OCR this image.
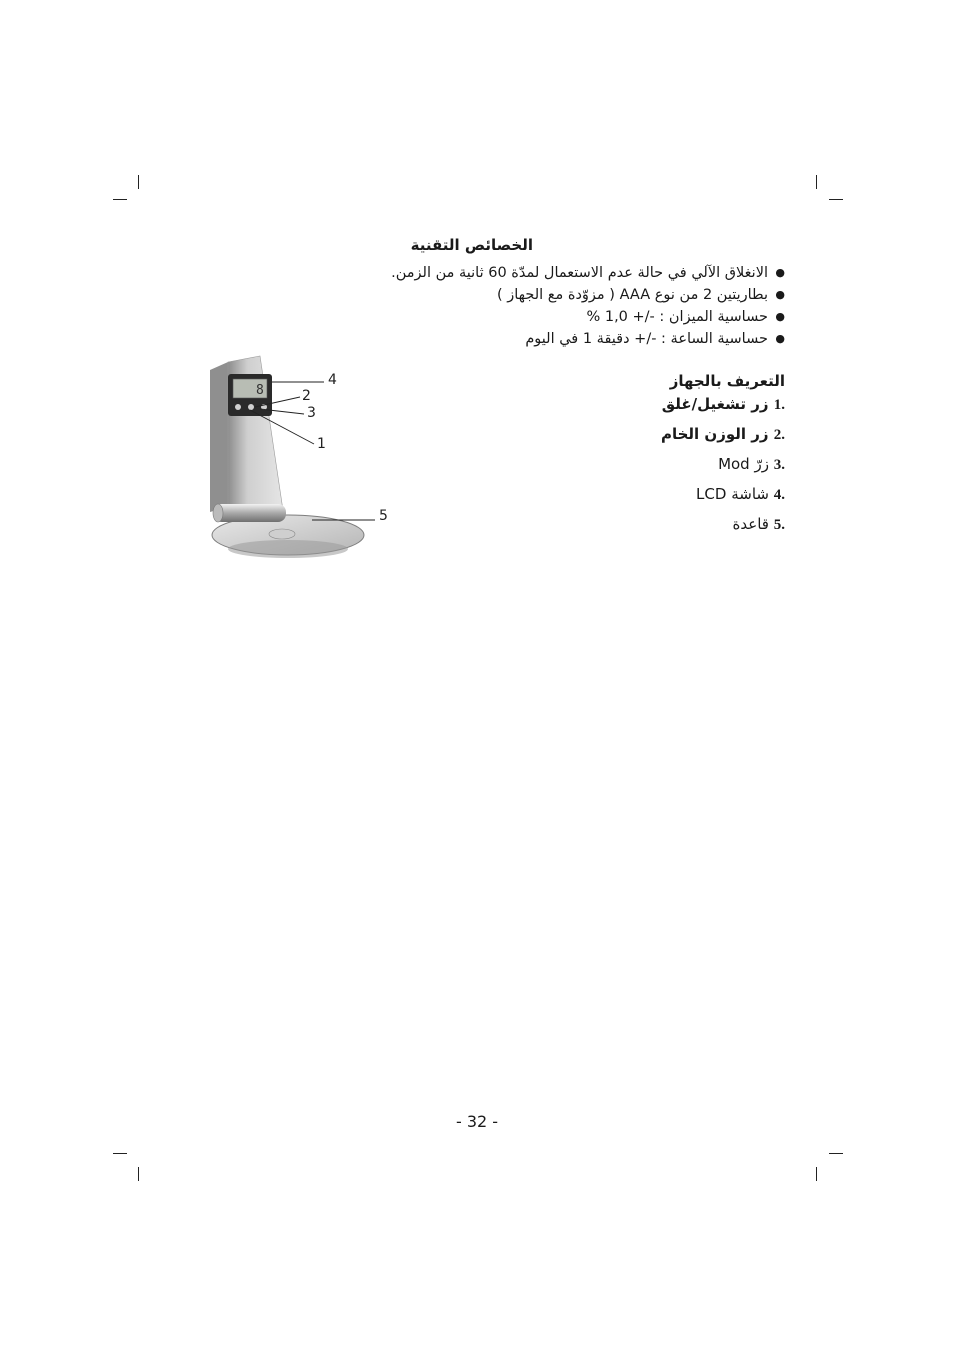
الخصائص التقنية
●
الانغلاق الآلي في حالة عدم الاستعمال لمدّة 60 ثانية من الزمن.
●
بطاريتين 2 من نوع AAA ( مزوّدة مع الجهاز )
●
حساسية الميزان : -/+ 1,0 %
●
حساسية الساعة : -/+ دقيقة 1 في اليوم
التعريف بالجهاز
.1 زر تشغيل/غلق
.2 زر الوزن الخام
.3 زرّ Mod
.4 شاشة LCD
.5 قاعدة
8
4
2
3
1
5
- 32 -
